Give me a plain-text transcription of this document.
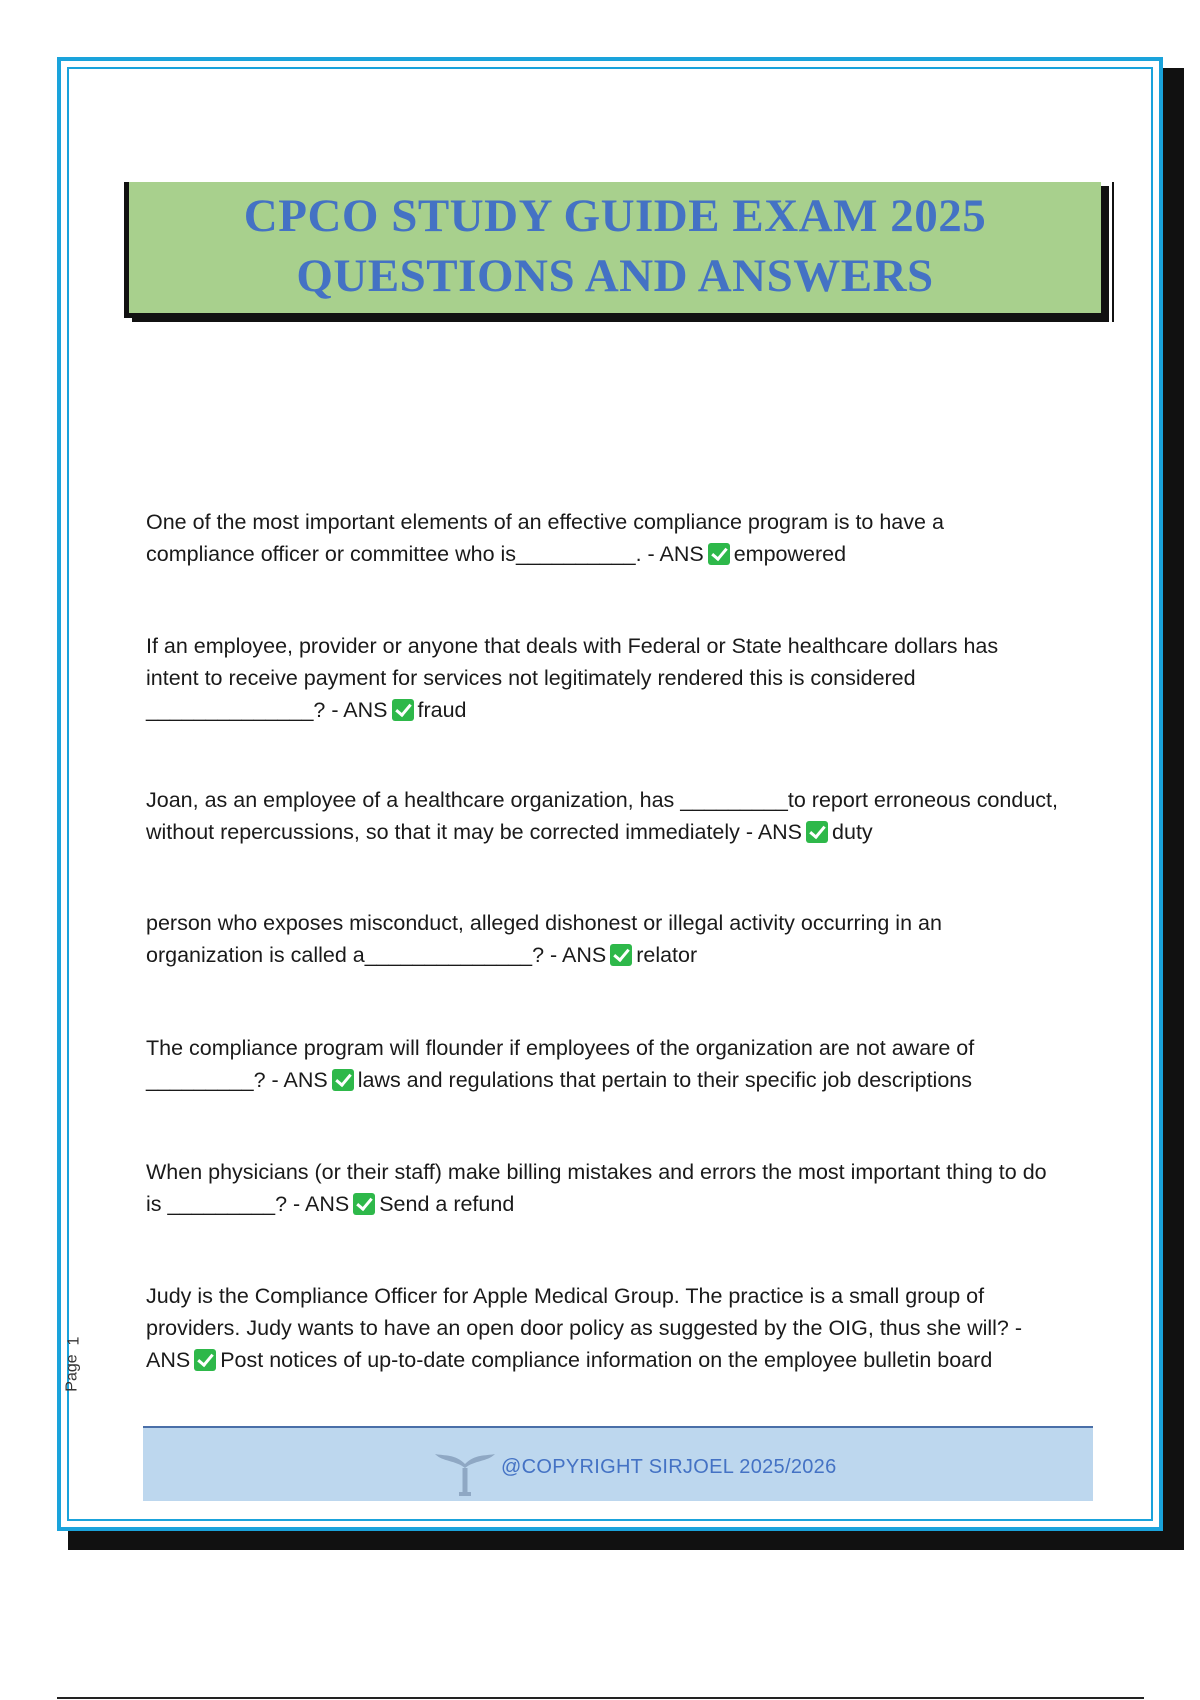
CPCO STUDY GUIDE EXAM 2025
QUESTIONS AND ANSWERS
One of the most important elements of an effective compliance program is to have a
compliance officer or committee who is__________. - ANS empowered
If an employee, provider or anyone that deals with Federal or State healthcare dollars has
intent to receive payment for services not legitimately rendered this is considered
______________? - ANS fraud
Joan, as an employee of a healthcare organization, has _________to report erroneous conduct,
without repercussions, so that it may be corrected immediately - ANS duty
person who exposes misconduct, alleged dishonest or illegal activity occurring in an
organization is called a______________? - ANS relator
The compliance program will flounder if employees of the organization are not aware of
_________? - ANS laws and regulations that pertain to their specific job descriptions
When physicians (or their staff) make billing mistakes and errors the most important thing to do
is _________? - ANS Send a refund
Judy is the Compliance Officer for Apple Medical Group. The practice is a small group of
providers. Judy wants to have an open door policy as suggested by the OIG, thus she will? -
ANS Post notices of up-to-date compliance information on the employee bulletin board
Page
1
@COPYRIGHT SIRJOEL 2025/2026
